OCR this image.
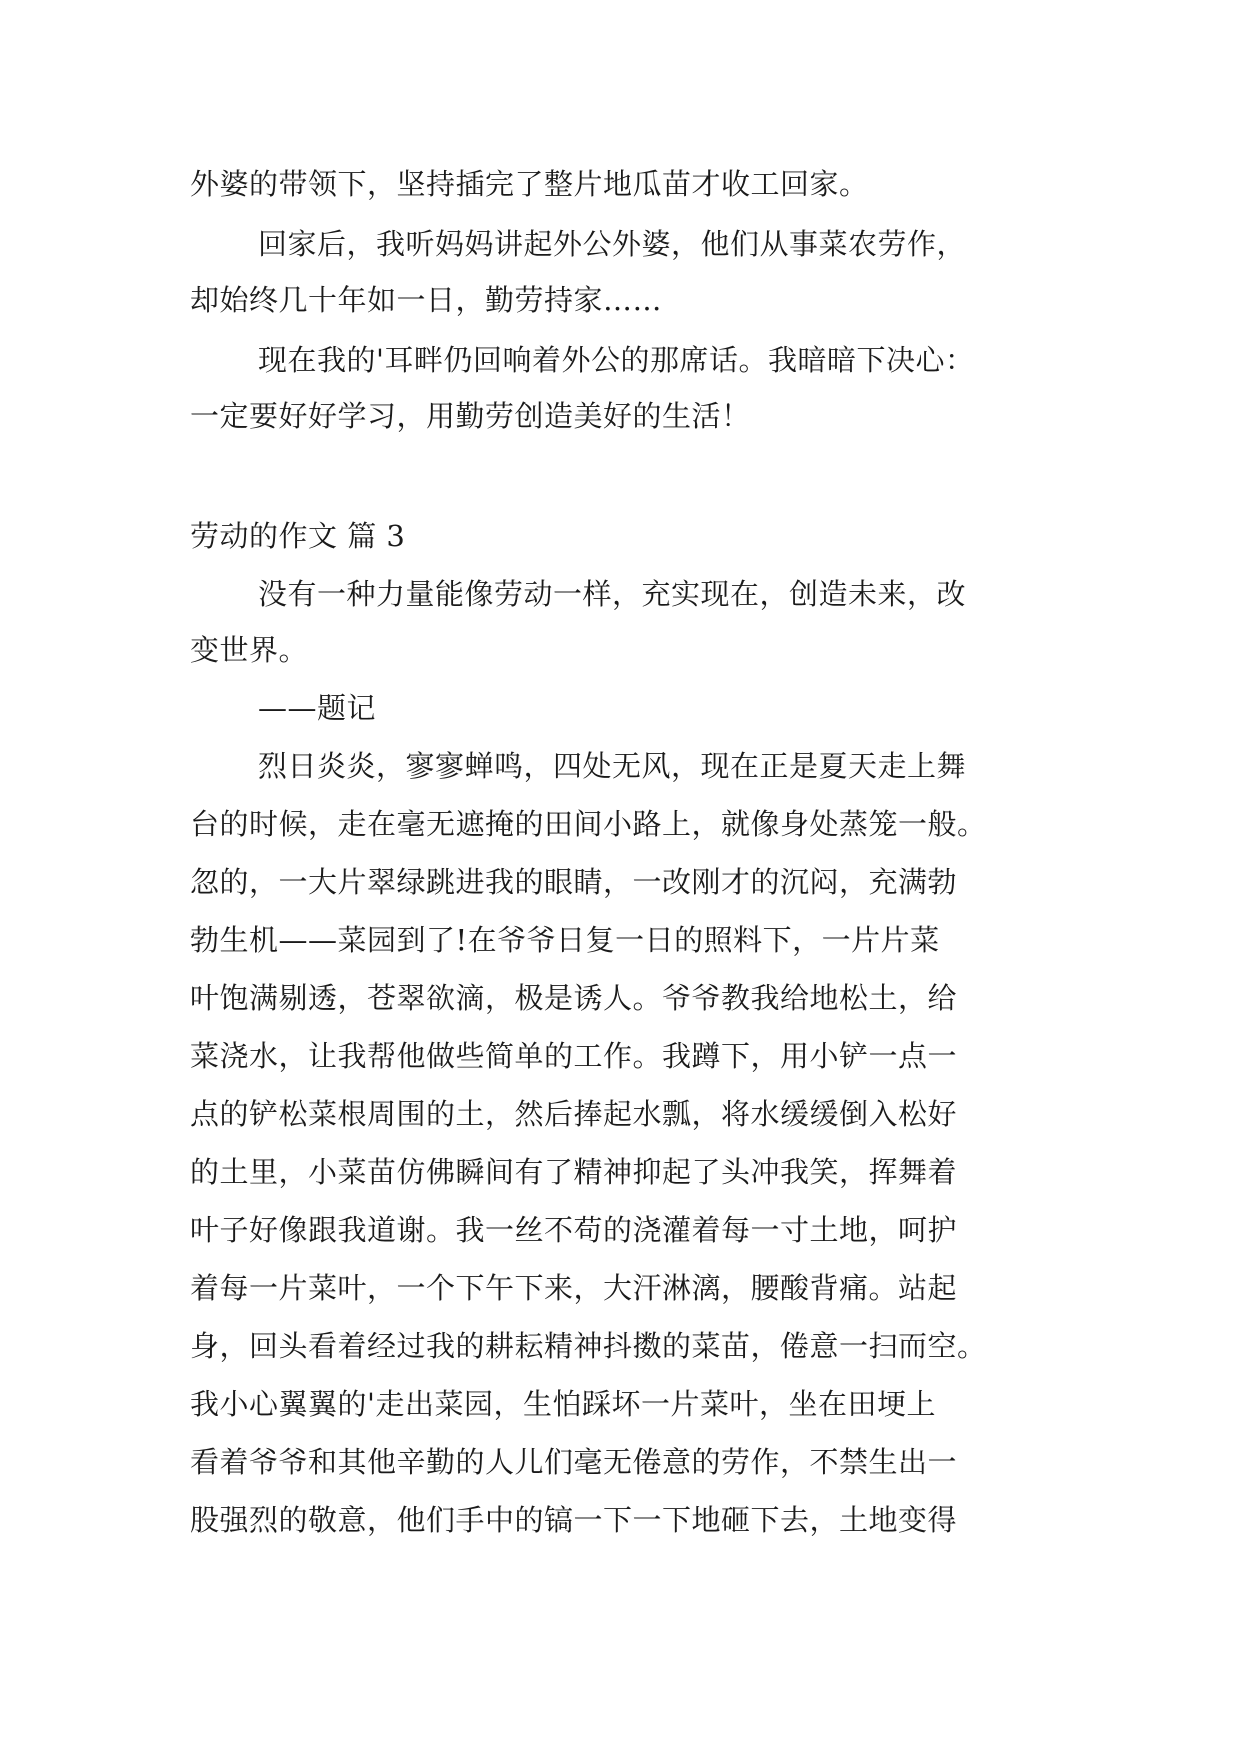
外婆的带领下，坚持插完了整片地瓜苗才收工回家。
回家后，我听妈妈讲起外公外婆，他们从事菜农劳作，
却始终几十年如一日，勤劳持家……
现在我的'耳畔仍回响着外公的那席话。我暗暗下决心：
一定要好好学习，用勤劳创造美好的生活！
劳动的作文 篇 3
没有一种力量能像劳动一样，充实现在，创造未来，改
变世界。
——题记
烈日炎炎，寥寥蝉鸣，四处无风，现在正是夏天走上舞
台的时候，走在毫无遮掩的田间小路上，就像身处蒸笼一般。
忽的，一大片翠绿跳进我的眼睛，一改刚才的沉闷，充满勃
勃生机——菜园到了!在爷爷日复一日的照料下，一片片菜
叶饱满剔透，苍翠欲滴，极是诱人。爷爷教我给地松土，给
菜浇水，让我帮他做些简单的工作。我蹲下，用小铲一点一
点的铲松菜根周围的土，然后捧起水瓢，将水缓缓倒入松好
的土里，小菜苗仿佛瞬间有了精神抑起了头冲我笑，挥舞着
叶子好像跟我道谢。我一丝不苟的浇灌着每一寸土地，呵护
着每一片菜叶，一个下午下来，大汗淋漓，腰酸背痛。站起
身，回头看着经过我的耕耘精神抖擞的菜苗，倦意一扫而空。
我小心翼翼的'走出菜园，生怕踩坏一片菜叶，坐在田埂上
看着爷爷和其他辛勤的人儿们毫无倦意的劳作，不禁生出一
股强烈的敬意，他们手中的镐一下一下地砸下去，土地变得
